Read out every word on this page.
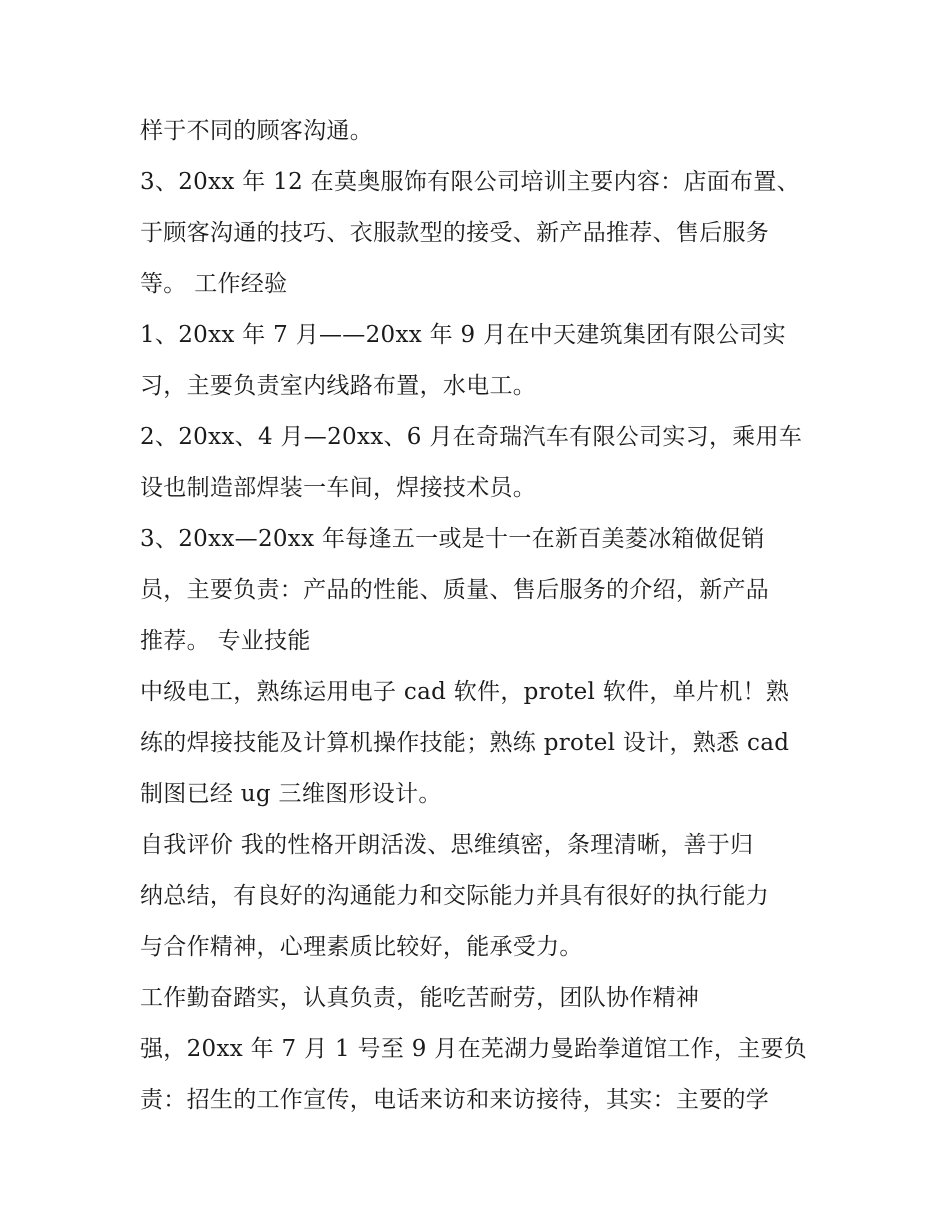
样于不同的顾客沟通。
3、20xx 年 12 在莫奥服饰有限公司培训主要内容：店面布置、
于顾客沟通的技巧、衣服款型的接受、新产品推荐、售后服务
等。 工作经验
1、20xx 年 7 月——20xx 年 9 月在中天建筑集团有限公司实
习，主要负责室内线路布置，水电工。
2、20xx、4 月—20xx、6 月在奇瑞汽车有限公司实习，乘用车
设也制造部焊装一车间，焊接技术员。
3、20xx—20xx 年每逢五一或是十一在新百美菱冰箱做促销
员，主要负责：产品的性能、质量、售后服务的介绍，新产品
推荐。 专业技能
中级电工，熟练运用电子 cad 软件，protel 软件，单片机！熟
练的焊接技能及计算机操作技能；熟练 protel 设计，熟悉 cad
制图已经 ug 三维图形设计。
自我评价 我的性格开朗活泼、思维缜密，条理清晰，善于归
纳总结，有良好的沟通能力和交际能力并具有很好的执行能力
与合作精神，心理素质比较好，能承受力。
工作勤奋踏实，认真负责，能吃苦耐劳，团队协作精神
强，20xx 年 7 月 1 号至 9 月在芜湖力曼跆拳道馆工作，主要负
责：招生的工作宣传，电话来访和来访接待，其实：主要的学
